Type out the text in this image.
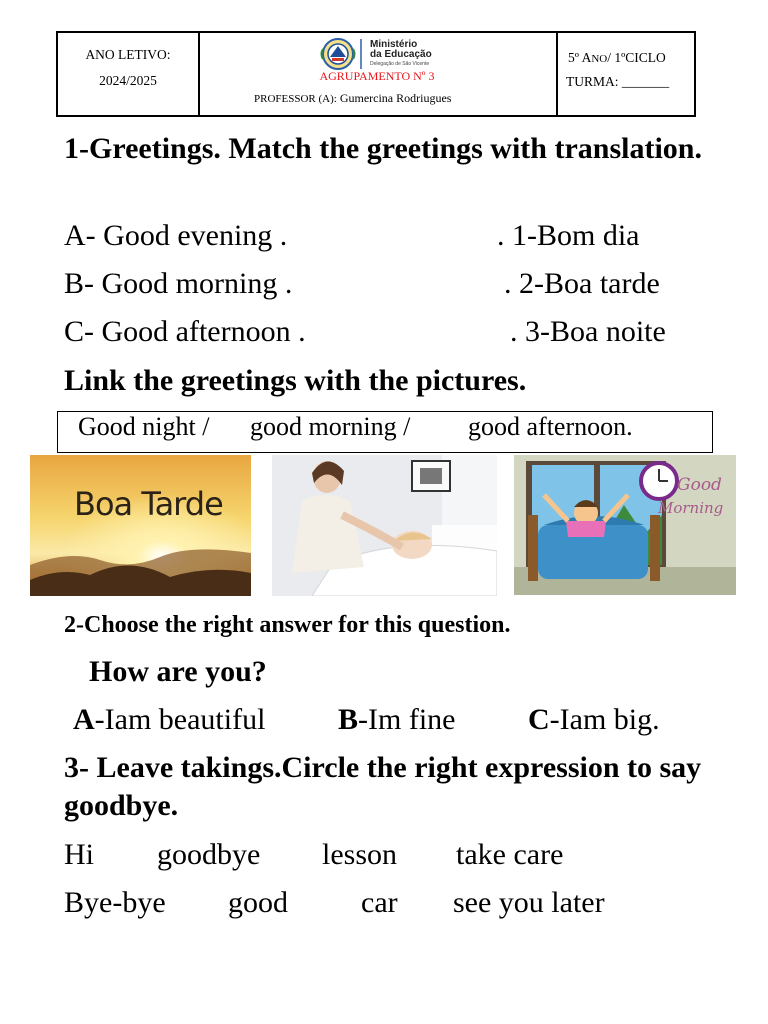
ANO LETIVO:
2024/2025
Ministério
da Educação
Delegação de São Vicente
AGRUPAMENTO Nº 3
PROFESSOR (A): Gumercina Rodriugues
5º ANO/ 1ºCICLO
TURMA: _______
1-Greetings. Match the greetings with translation.
A- Good evening .	. 1-Bom dia
B- Good morning .	. 2-Boa tarde
C- Good afternoon .	. 3-Boa noite
Link the greetings with the pictures.
Good night / good morning / good afternoon.
Boa Tarde	Good
Morning
2-Choose the right answer for this question.
How are you?
A-Iam beautiful B-Im fine C-Iam big.
3- Leave takings.Circle the right expression to say goodbye.
Hi goodbye lesson take care
Bye-bye good car see you later
